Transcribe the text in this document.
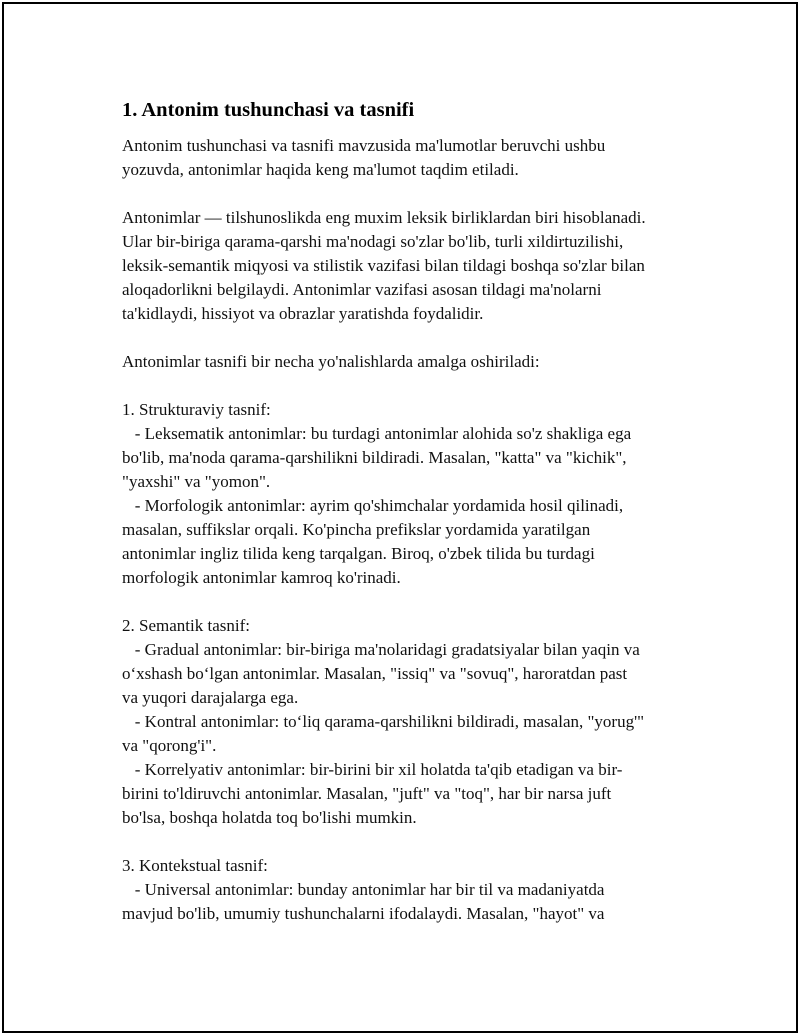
1. Antonim tushunchasi va tasnifi

Antonim tushunchasi va tasnifi mavzusida ma'lumotlar beruvchi ushbu
yozuvda, antonimlar haqida keng ma'lumot taqdim etiladi.

Antonimlar — tilshunoslikda eng muxim leksik birliklardan biri hisoblanadi.
Ular bir-biriga qarama-qarshi ma'nodagi so'zlar bo'lib, turli xildirtuzilishi,
leksik-semantik miqyosi va stilistik vazifasi bilan tildagi boshqa so'zlar bilan
aloqadorlikni belgilaydi. Antonimlar vazifasi asosan tildagi ma'nolarni
ta'kidlaydi, hissiyot va obrazlar yaratishda foydalidir.

Antonimlar tasnifi bir necha yo'nalishlarda amalga oshiriladi:

1. Strukturaviy tasnif:
- Leksematik antonimlar: bu turdagi antonimlar alohida so'z shakliga ega
bo'lib, ma'noda qarama-qarshilikni bildiradi. Masalan, "katta" va "kichik",
"yaxshi" va "yomon".
- Morfologik antonimlar: ayrim qo'shimchalar yordamida hosil qilinadi,
masalan, suffikslar orqali. Ko'pincha prefikslar yordamida yaratilgan
antonimlar ingliz tilida keng tarqalgan. Biroq, o'zbek tilida bu turdagi
morfologik antonimlar kamroq ko'rinadi.

2. Semantik tasnif:
- Gradual antonimlar: bir-biriga ma'nolaridagi gradatsiyalar bilan yaqin va
o‘xshash bo‘lgan antonimlar. Masalan, "issiq" va "sovuq", haroratdan past
va yuqori darajalarga ega.
- Kontral antonimlar: to‘liq qarama-qarshilikni bildiradi, masalan, "yorug'"
va "qorong'i".
- Korrelyativ antonimlar: bir-birini bir xil holatda ta'qib etadigan va bir-
birini to'ldiruvchi antonimlar. Masalan, "juft" va "toq", har bir narsa juft
bo'lsa, boshqa holatda toq bo'lishi mumkin.

3. Kontekstual tasnif:
- Universal antonimlar: bunday antonimlar har bir til va madaniyatda
mavjud bo'lib, umumiy tushunchalarni ifodalaydi. Masalan, "hayot" va
